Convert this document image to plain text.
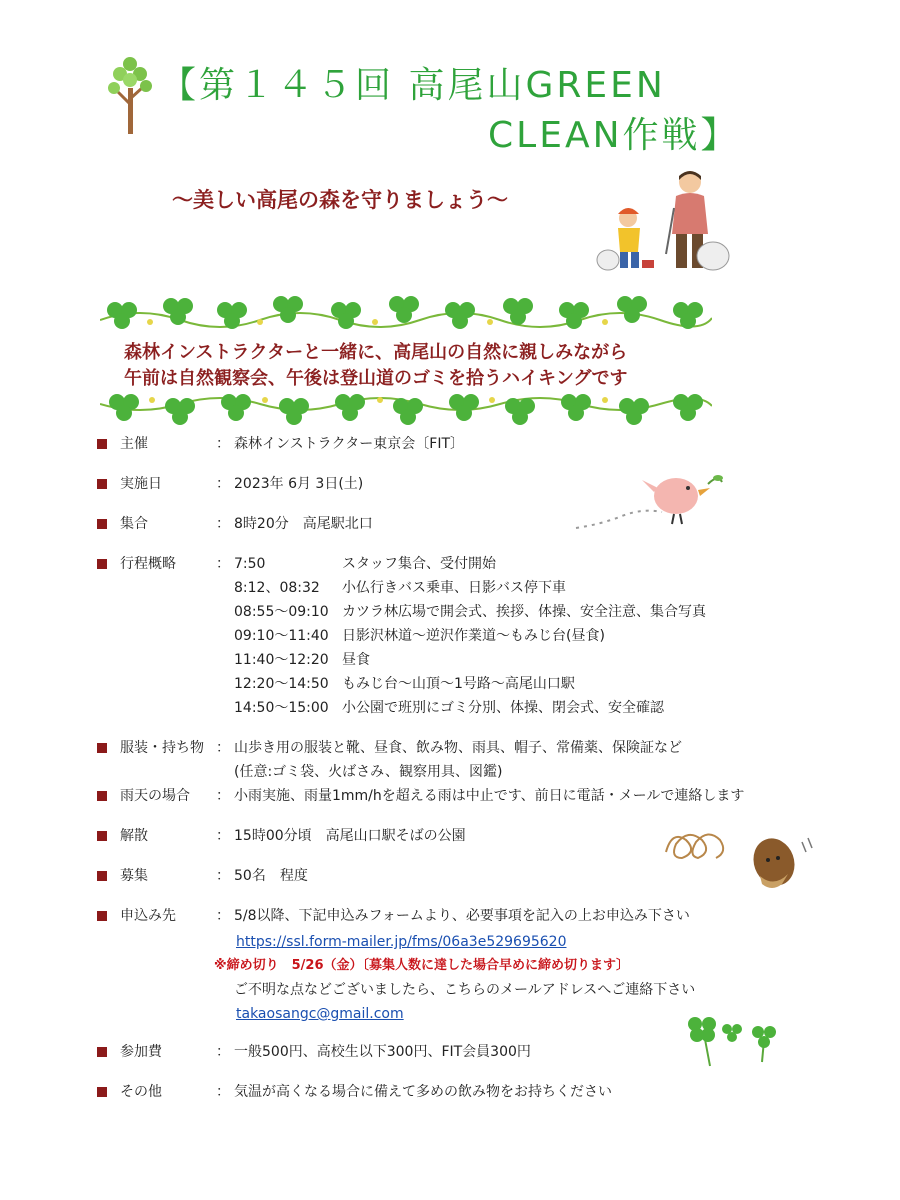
【第１４５回 高尾山GREEN
CLEAN作戦】
～美しい高尾の森を守りましょう～
森林インストラクターと一緒に、高尾山の自然に親しみながら
午前は自然観察会、午後は登山道のゴミを拾うハイキングです
主催	： 森林インストラクター東京会〔FIT〕
実施日	： 2023年 6月 3日(土)
集合	： 8時20分　高尾駅北口
行程概略	： 7:50	スタッフ集合、受付開始
8:12、08:32 小仏行きバス乗車、日影バス停下車
08:55～09:10 カツラ林広場で開会式、挨拶、体操、安全注意、集合写真
09:10～11:40 日影沢林道～逆沢作業道～もみじ台(昼食)
11:40～12:20 昼食
12:20～14:50 もみじ台～山頂～1号路～高尾山口駅
14:50～15:00 小公園で班別にゴミ分別、体操、閉会式、安全確認
服装・持ち物 ： 山歩き用の服装と靴、昼食、飲み物、雨具、帽子、常備薬、保険証など
(任意:ゴミ袋、火ばさみ、観察用具、図鑑)
雨天の場合 ： 小雨実施、雨量1mm/hを超える雨は中止です、前日に電話・メールで連絡します
解散	： 15時00分頃　高尾山口駅そばの公園
募集	： 50名　程度
申込み先	： 5/8以降、下記申込みフォームより、必要事項を記入の上お申込み下さい
https://ssl.form-mailer.jp/fms/06a3e529695620
※締め切り　5/26（金）〔募集人数に達した場合早めに締め切ります〕
ご不明な点などございましたら、こちらのメールアドレスへご連絡下さい
takaosangc@gmail.com
参加費	： 一般500円、高校生以下300円、FIT会員300円
その他	： 気温が高くなる場合に備えて多めの飲み物をお持ちください
